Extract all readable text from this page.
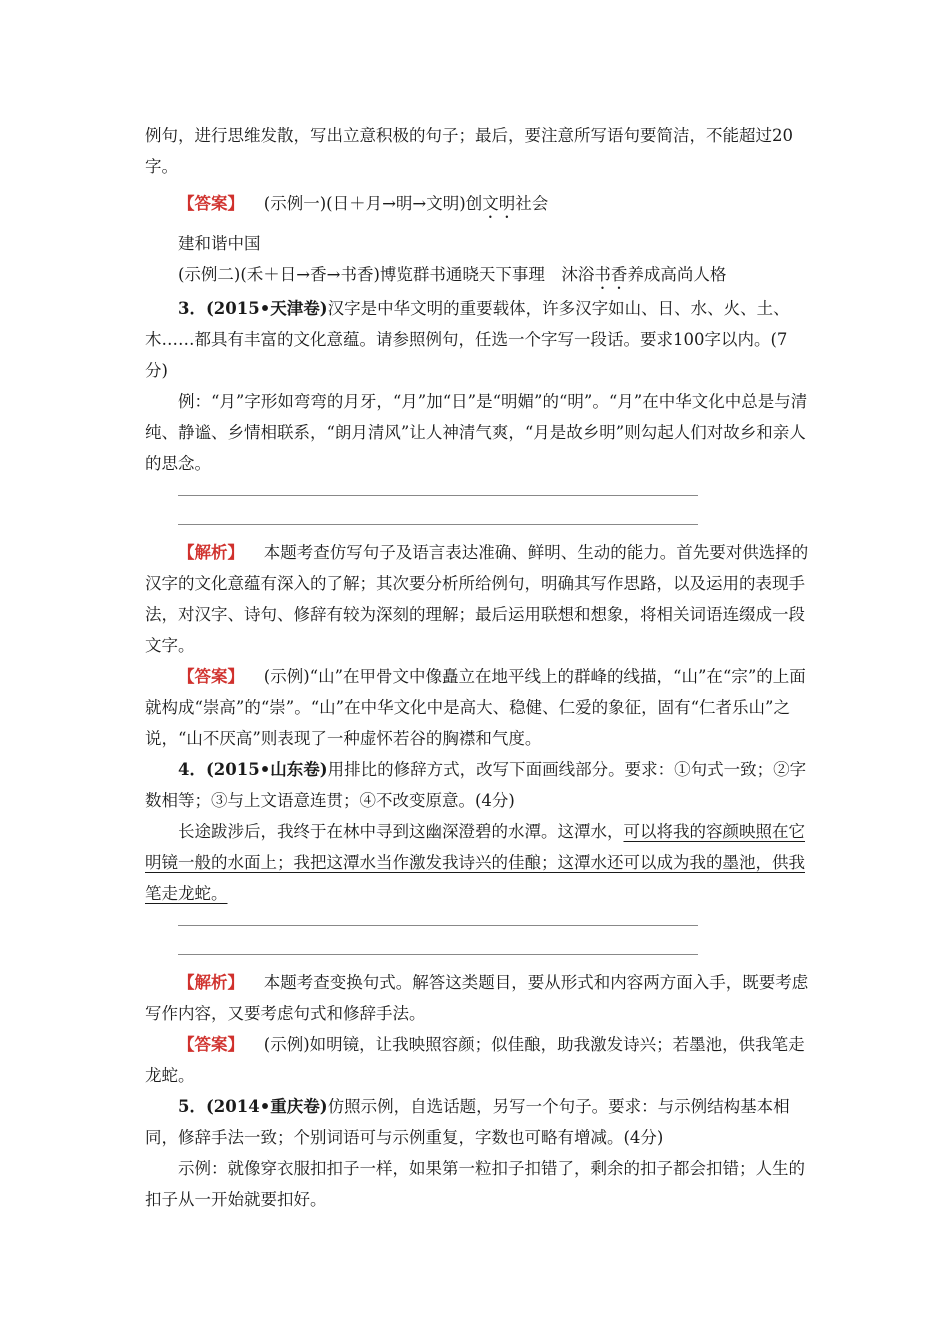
例句，进行思维发散，写出立意积极的句子；最后，要注意所写语句要简洁，不能超过20
字。

【答案】 (示例一)(日＋月→明→文明)创文明社会

建和谐中国

(示例二)(禾＋日→香→书香)博览群书通晓天下事理　沐浴书香养成高尚人格

3．(2015•天津卷)汉字是中华文明的重要载体，许多汉字如山、日、水、火、土、木……都具有丰富的文化意蕴。请参照例句，任选一个字写一段话。要求100字以内。(7分)

例：“月”字形如弯弯的月牙，“月”加“日”是“明媚”的“明”。“月”在中华文化中总是与清纯、静谧、乡情相联系，“朗月清风”让人神清气爽，“月是故乡明”则勾起人们对故乡和亲人的思念。

【解析】 本题考查仿写句子及语言表达准确、鲜明、生动的能力。首先要对供选择的汉字的文化意蕴有深入的了解；其次要分析所给例句，明确其写作思路，以及运用的表现手法，对汉字、诗句、修辞有较为深刻的理解；最后运用联想和想象，将相关词语连缀成一段文字。

【答案】 (示例)“山”在甲骨文中像矗立在地平线上的群峰的线描，“山”在“宗”的上面就构成“崇高”的“崇”。“山”在中华文化中是高大、稳健、仁爱的象征，固有“仁者乐山”之说，“山不厌高”则表现了一种虚怀若谷的胸襟和气度。

4．(2015•山东卷)用排比的修辞方式，改写下面画线部分。要求：①句式一致；②字数相等；③与上文语意连贯；④不改变原意。(4分)

长途跋涉后，我终于在林中寻到这幽深澄碧的水潭。这潭水，可以将我的容颜映照在它明镜一般的水面上；我把这潭水当作激发我诗兴的佳酿；这潭水还可以成为我的墨池，供我笔走龙蛇。

【解析】 本题考查变换句式。解答这类题目，要从形式和内容两方面入手，既要考虑写作内容，又要考虑句式和修辞手法。

【答案】 (示例)如明镜，让我映照容颜；似佳酿，助我激发诗兴；若墨池，供我笔走龙蛇。

5．(2014•重庆卷)仿照示例，自选话题，另写一个句子。要求：与示例结构基本相同，修辞手法一致；个别词语可与示例重复，字数也可略有增减。(4分)

示例：就像穿衣服扣扣子一样，如果第一粒扣子扣错了，剩余的扣子都会扣错；人生的扣子从一开始就要扣好。
